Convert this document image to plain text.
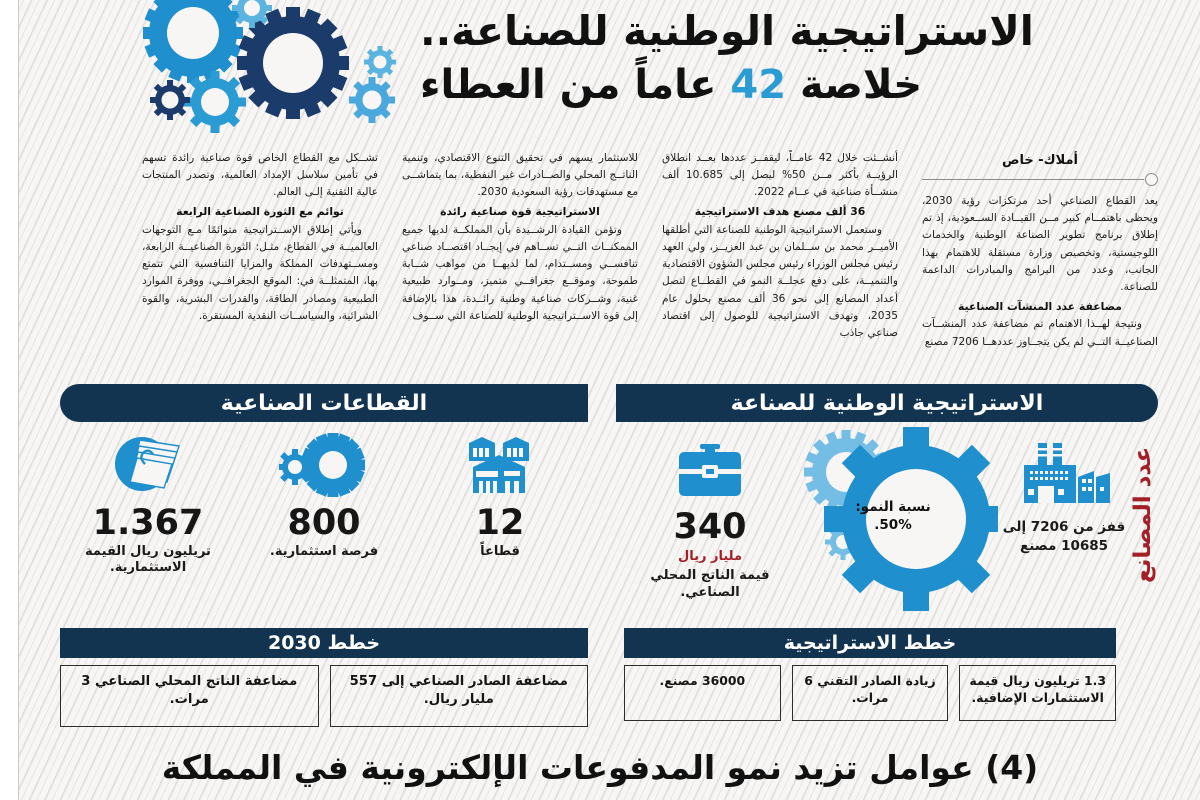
الاستراتيجية الوطنية للصناعة..
خلاصة 42 عاماً من العطاء
أملاك- خاص

يعد القطاع الصناعي أحد مرتكزات رؤية 2030، ويحظى باهتمــام كبير مــن القيــادة الســعودية، إذ تم إطلاق برنامج تطوير الصناعة الوطنية والخدمات اللوجيستية، وتخصيص وزارة مستقلة للاهتمام بهذا الجانب، وعدد من البرامج والمبادرات الداعمة للصناعة.

مضاعفة عدد المنشآت الصناعية

ونتيجة لهــذا الاهتمام تم مضاعفة عدد المنشــآت الصناعيــة التــي لم يكن يتجــاوز عددهــا 7206 مصنع

أنشــئت خلال 42 عامــاً، ليقفــز عددها بعــد انطلاق الرؤيــة بأكثر مــن 50% ليصل إلى 10.685 ألف منشــأة صناعية في عــام 2022.

36 ألف مصنع هدف الاستراتيجية

وستعمل الاستراتيجية الوطنية للصناعة التي أطلقها الأميــر محمد بن ســلمان بن عبد العزيــز، ولي العهد رئيس مجلس الوزراء رئيس مجلس الشؤون الاقتصادية والتنميــة، على دفع عجلــة النمو في القطــاع لتصل أعداد المصانع إلى نحو 36 ألف مصنع بحلول عام 2035، وتهدف الاستراتيجية للوصول إلى اقتصاد صناعي جاذب

للاستثمار يسهم في تحقيق التنوع الاقتصادي، وتنمية الناتــج المحلي والصــادرات غير النفطية، بما يتماشــى مع مستهدفات رؤية السعودية 2030.

الاستراتيجية قوة صناعية رائدة

وتؤمن القيادة الرشــيدة بأن المملكــة لديها جميع الممكنــات التــي تســاهم في إيجــاد اقتصــاد صناعي تنافســي ومســتدام، لما لديهــا من مواهب شــابة طموحة، وموقــع جغرافــي متميز، ومــوارد طبيعية غنية، وشــركات صناعية وطنية رائــدة، هذا بالإضافة إلى قوة الاســتراتيجية الوطنية للصناعة التي ســوف

تشــكل مع القطاع الخاص قوة صناعية رائدة تسهم في تأمين سلاسل الإمداد العالمية، وتصدر المنتجات عالية التقنية إلـى العالم.

توائم مع الثورة الصناعية الرابعة

ويأتي إطلاق الإســتراتيجية متوائمًا مـع التوجهات العالميــة في القطاع، مثـل: الثورة الصناعيــة الرابعة، ومســتهدفات المملكة والمزايا التنافسية التي تتمتع بها، المتمثلــة في: الموقع الجغرافــي، ووفرة الموارد الطبيعية ومصادر الطاقة، والقدرات البشرية، والقوة الشرائية، والسياســات النقدية المستقرة.

الاستراتيجية الوطنية للصناعة
القطاعات الصناعية
عدد المصانع
قفز من 7206 إلى 10685 مصنع
نسبة النمو:
50%.
340
مليار ريال
قيمة الناتج المحلي الصناعي.
12
قطاعاً
800
فرصة استثمارية.
1.367
تريليون ريال القيمة الاستثمارية.
خطط 2030
مضاعفة الصادر الصناعي إلى 557 مليار ريال.
مضاعفة الناتج المحلي الصناعي 3 مرات.
خطط الاستراتيجية
1.3 تريليون ريال قيمة الاستثمارات الإضافية.
زيادة الصادر التقني 6 مرات.
36000 مصنع.
(4) عوامل تزيد نمو المدفوعات الإلكترونية في المملكة
